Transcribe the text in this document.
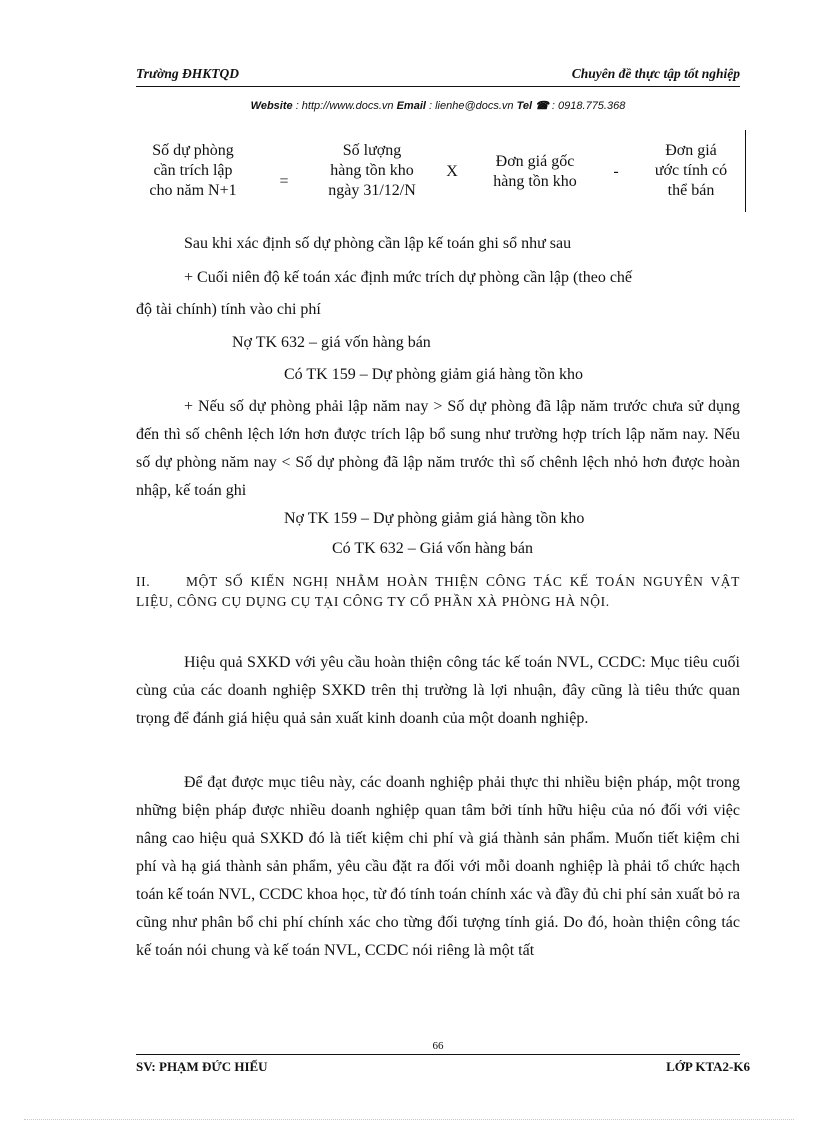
Trường ĐHKTQD	Chuyên đề thực tập tốt nghiệp
Website : http://www.docs.vn Email : lienhe@docs.vn Tel ☎ : 0918.775.368
Số dự phòng
cần trích lập
cho năm N+1
=
Số lượng
hàng tồn kho
ngày 31/12/N
X
Đơn giá gốc
hàng tồn kho
-
Đơn giá
ước tính có
thể bán
Sau khi xác định số dự phòng cần lập kế toán ghi sổ như sau
+ Cuối niên độ kế toán xác định mức trích dự phòng cần lập (theo chế
độ tài chính) tính vào chi phí
Nợ TK 632 – giá vốn hàng bán
Có TK 159 – Dự phòng giảm giá hàng tồn kho
+ Nếu số dự phòng phải lập năm nay > Số dự phòng đã lập năm trước chưa sử dụng đến thì số chênh lệch lớn hơn được trích lập bổ sung như trường hợp trích lập năm nay. Nếu số dự phòng năm nay < Số dự phòng đã lập năm trước thì số chênh lệch nhỏ hơn được hoàn nhập, kế toán ghi
Nợ TK 159 – Dự phòng giảm giá hàng tồn kho
Có TK 632 – Giá vốn hàng bán
II.	MỘT SỐ KIẾN NGHỊ NHẰM HOÀN THIỆN CÔNG TÁC KẾ TOÁN NGUYÊN VẬT LIỆU, CÔNG CỤ DỤNG CỤ TẠI CÔNG TY CỔ PHẦN XÀ PHÒNG HÀ NỘI.
Hiệu quả SXKD với yêu cầu hoàn thiện công tác kế toán NVL, CCDC: Mục tiêu cuối cùng của các doanh nghiệp SXKD trên thị trường là lợi nhuận, đây cũng là tiêu thức quan trọng để đánh giá hiệu quả sản xuất kinh doanh của một doanh nghiệp.
Để đạt được mục tiêu này, các doanh nghiệp phải thực thi nhiều biện pháp, một trong những biện pháp được nhiều doanh nghiệp quan tâm bởi tính hữu hiệu của nó đối với việc nâng cao hiệu quả SXKD đó là tiết kiệm chi phí và giá thành sản phẩm. Muốn tiết kiệm chi phí và hạ giá thành sản phẩm, yêu cầu đặt ra đối với mỗi doanh nghiệp là phải tổ chức hạch toán kế toán NVL, CCDC khoa học, từ đó tính toán chính xác và đầy đủ chi phí sản xuất bỏ ra cũng như phân bổ chi phí chính xác cho từng đối tượng tính giá. Do đó, hoàn thiện công tác kế toán nói chung và kế toán NVL, CCDC nói riêng là một tất
66
SV: PHẠM ĐỨC HIẾU	LỚP KTA2-K6
